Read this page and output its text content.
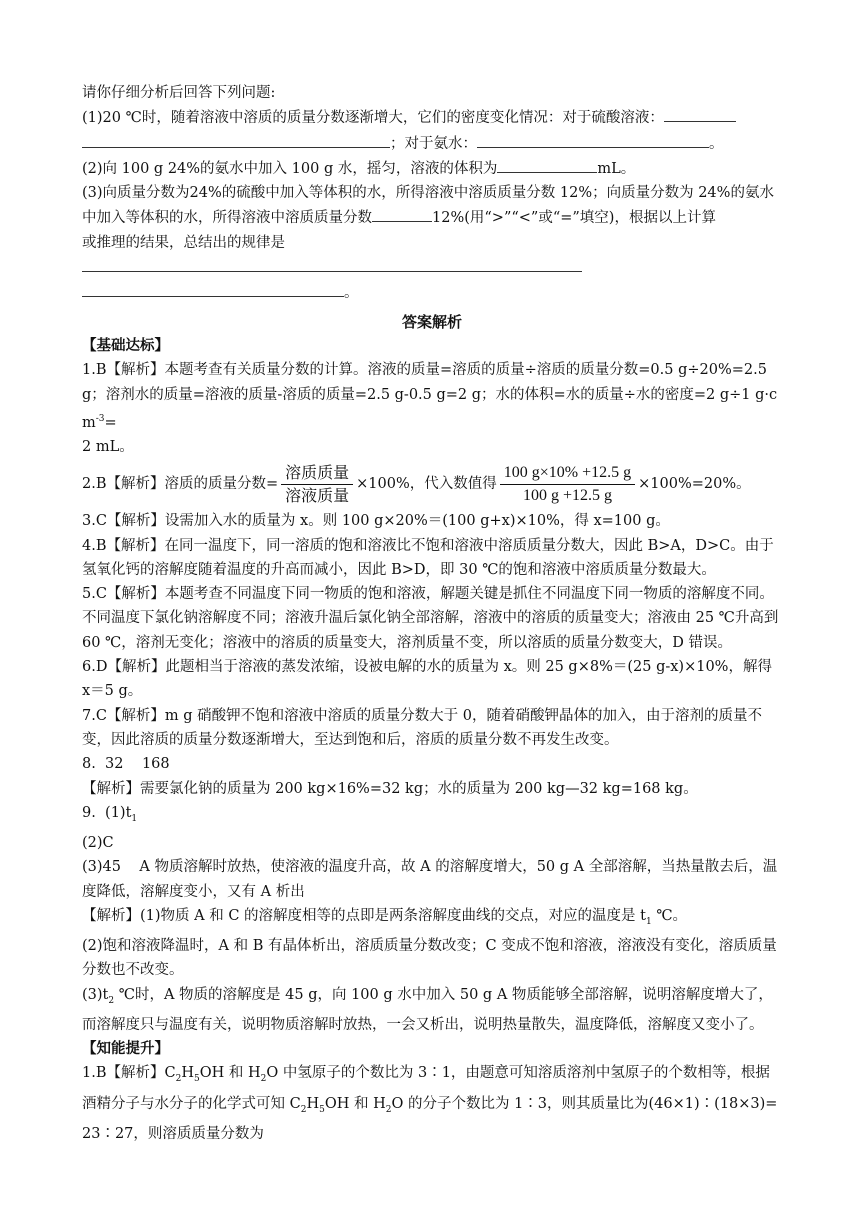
请你仔细分析后回答下列问题:
(1)20 ℃时，随着溶液中溶质的质量分数逐渐增大，它们的密度变化情况：对于硫酸溶液：
；对于氨水：	。
(2)向 100 g 24%的氨水中加入 100 g 水，摇匀，溶液的体积为	mL。
(3)向质量分数为24%的硫酸中加入等体积的水，所得溶液中溶质质量分数 12%；向质量分数为 24%的氨水
中加入等体积的水，所得溶液中溶质质量分数	12%(用“>”“<”或“=”填空)，根据以上计算
或推理的结果，总结出的规律是
。
答案解析
【基础达标】
1.B【解析】本题考查有关质量分数的计算。溶液的质量=溶质的质量÷溶质的质量分数=0.5 g÷20%=2.5 g；溶剂水的质量=溶液的质量-溶质的质量=2.5 g-0.5 g=2 g；水的体积=水的质量÷水的密度=2 g÷1 $g\cdot cm^{-3}=$
2 mL。
2.B【解析】溶质的质量分数= $\frac{\text{溶质质量}}{\text{溶液质量}} \times 100\%$，代入数值得 $\frac{100 g\times 10\% +12.5 g}{100 g +12.5 g} \times 100\%=20\%$。
3.C【解析】设需加入水的质量为 x。则 100 g×20%＝(100 g+x)×10%，得 x=100 g。
4.B【解析】在同一温度下，同一溶质的饱和溶液比不饱和溶液中溶质质量分数大，因此 B>A，D>C。由于氢氧化钙的溶解度随着温度的升高而减小，因此 B>D，即 30 ℃的饱和溶液中溶质质量分数最大。
5.C【解析】本题考查不同温度下同一物质的饱和溶液，解题关键是抓住不同温度下同一物质的溶解度不同。不同温度下氯化钠溶解度不同；溶液升温后氯化钠全部溶解，溶液中的溶质的质量变大；溶液由 25 ℃升高到 60 ℃，溶剂无变化；溶液中的溶质的质量变大，溶剂质量不变，所以溶质的质量分数变大，D 错误。
6.D【解析】此题相当于溶液的蒸发浓缩，设被电解的水的质量为 x。则 25 g×8%＝(25 g-x)×10%，解得 x＝5 g。
7.C【解析】m g 硝酸钾不饱和溶液中溶质的质量分数大于 0，随着硝酸钾晶体的加入，由于溶剂的质量不变，因此溶质的质量分数逐渐增大，至达到饱和后，溶质的质量分数不再发生改变。
8.  32    168
【解析】需要氯化钠的质量为 200 kg×16%=32 kg；水的质量为 200 kg—32 kg=168 kg。
9.  $(1)t_1$
(2)C
(3)45    A 物质溶解时放热，使溶液的温度升高，故 A 的溶解度增大，50 g A 全部溶解，当热量散去后，温度降低，溶解度变小，又有 A 析出
【解析】(1)物质 A 和 C 的溶解度相等的点即是两条溶解度曲线的交点，对应的温度是 $t_1$ ℃。
(2)饱和溶液降温时，A 和 B 有晶体析出，溶质质量分数改变；C 变成不饱和溶液，溶液没有变化，溶质质量分数也不改变。
$(3)t_2$ ℃时，A 物质的溶解度是 45 g，向 100 g 水中加入 50 g A 物质能够全部溶解，说明溶解度增大了，而溶解度只与温度有关，说明物质溶解时放热，一会又析出，说明热量散失，温度降低，溶解度又变小了。
【知能提升】
1.B【解析】$C_2H_5OH$ 和 $H_2O$ 中氢原子的个数比为 3∶1，由题意可知溶质溶剂中氢原子的个数相等，根据酒精分子与水分子的化学式可知 $C_2H_5OH$ 和 $H_2O$ 的分子个数比为 1∶3，则其质量比为(46×1)∶(18×3)=23∶27，则溶质质量分数为
